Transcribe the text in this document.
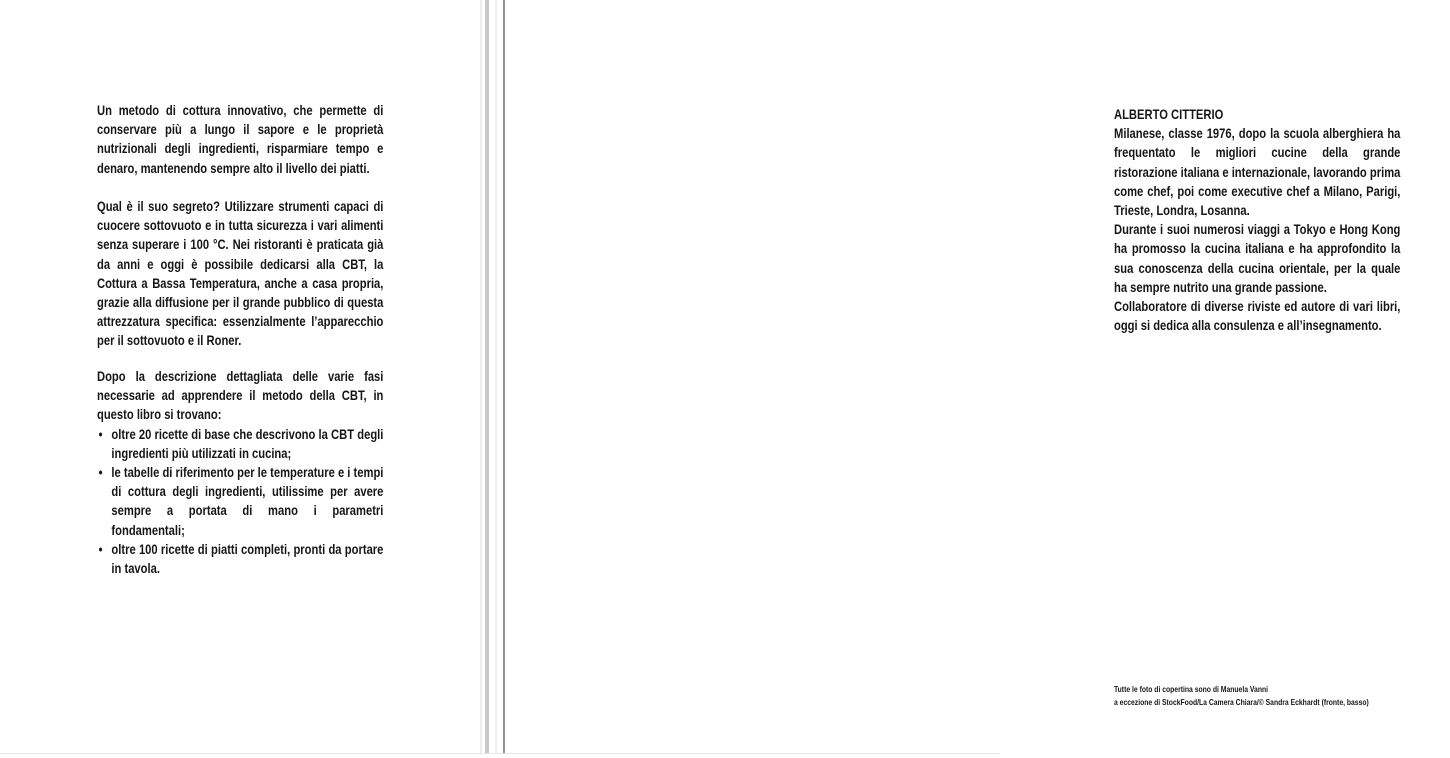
Un metodo di cottura innovativo, che permette di conservare più a lungo il sapore e le proprietà nutrizionali degli ingredienti, risparmiare tempo e denaro, mantenendo sempre alto il livello dei piatti.

Qual è il suo segreto? Utilizzare strumenti capaci di cuocere sottovuoto e in tutta sicurezza i vari alimenti senza superare i 100 °C. Nei ristoranti è praticata già da anni e oggi è possibile dedicarsi alla CBT, la Cottura a Bassa Temperatura, anche a casa propria, grazie alla diffusione per il grande pubblico di questa attrezzatura specifica: essenzialmente l’apparecchio per il sottovuoto e il Roner.

Dopo la descrizione dettagliata delle varie fasi necessarie ad apprendere il metodo della CBT, in questo libro si trovano:

• oltre 20 ricette di base che descrivono la CBT degli ingredienti più utilizzati in cucina;
• le tabelle di riferimento per le temperature e i tempi di cottura degli ingredienti, utilissime per avere sempre a portata di mano i parametri fondamentali;
• oltre 100 ricette di piatti completi, pronti da portare in tavola.
ALBERTO CITTERIO

Milanese, classe 1976, dopo la scuola alberghiera ha frequentato le migliori cucine della grande ristorazione italiana e internazionale, lavorando prima come chef, poi come executive chef a Milano, Parigi, Trieste, Londra, Losanna.

Durante i suoi numerosi viaggi a Tokyo e Hong Kong ha promosso la cucina italiana e ha approfondito la sua conoscenza della cucina orientale, per la quale ha sempre nutrito una grande passione.

Collaboratore di diverse riviste ed autore di vari libri, oggi si dedica alla consulenza e all’insegnamento.

Tutte le foto di copertina sono di Manuela Vanni
a eccezione di StockFood/La Camera Chiara/© Sandra Eckhardt (fronte, basso)
